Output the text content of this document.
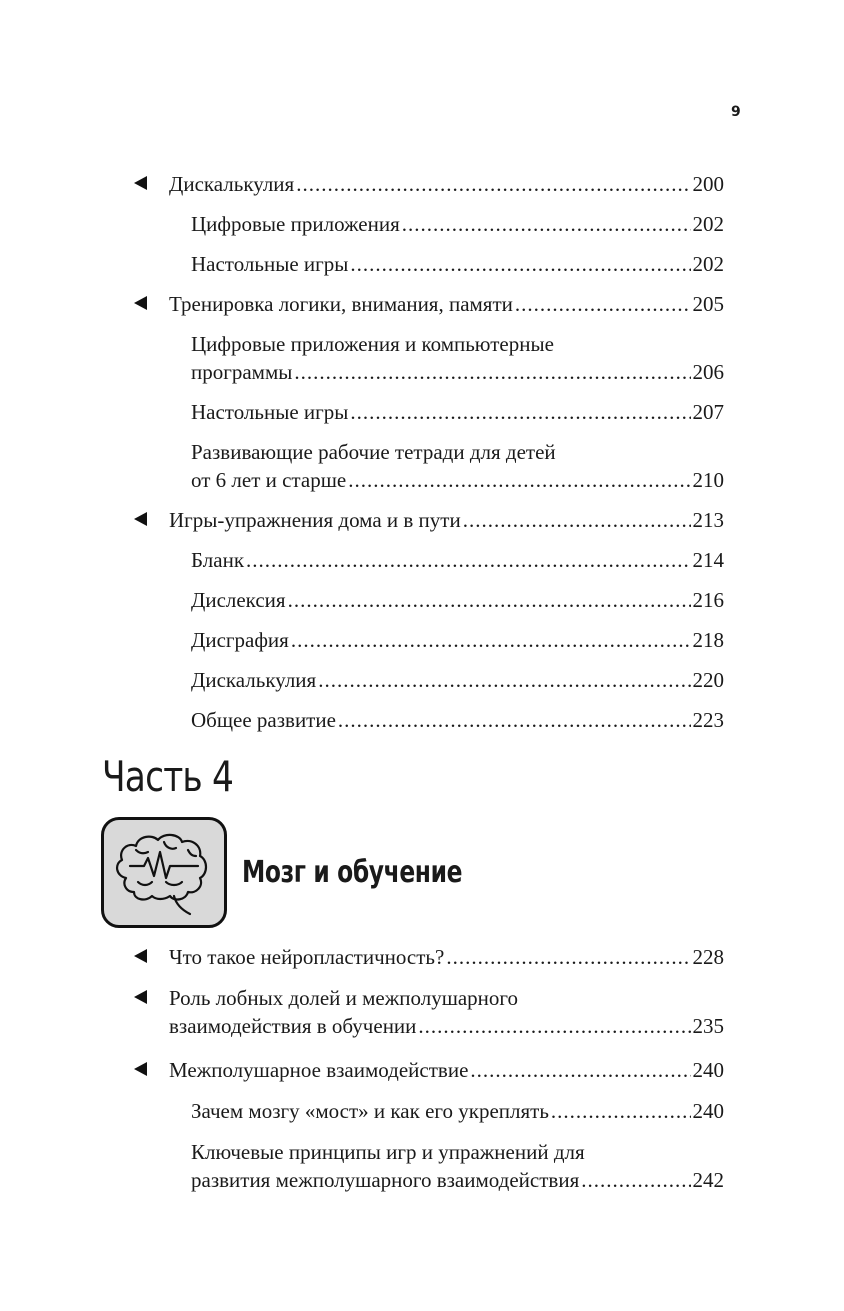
9
Дискалькулия .....	200
Цифровые приложения .....	202
Настольные игры .....	202
Тренировка логики, внимания, памяти .....	205
Цифровые приложения и компьютерные
программы .....	206
Настольные игры .....	207
Развивающие рабочие тетради для детей
от 6 лет и старше .....	210
Игры-упражнения дома и в пути .....	213
Бланк .....	214
Дислексия .....	216
Дисграфия .....	218
Дискалькулия .....	220
Общее развитие .....	223
Что такое нейропластичность? .....	228
Роль лобных долей и межполушарного
взаимодействия в обучении .....	235
Межполушарное взаимодействие .....	240
Зачем мозгу «мост» и как его укреплять .....	240
Ключевые принципы игр и упражнений для
развития межполушарного взаимодействия .....	242
Часть 4
Мозг и обучение
